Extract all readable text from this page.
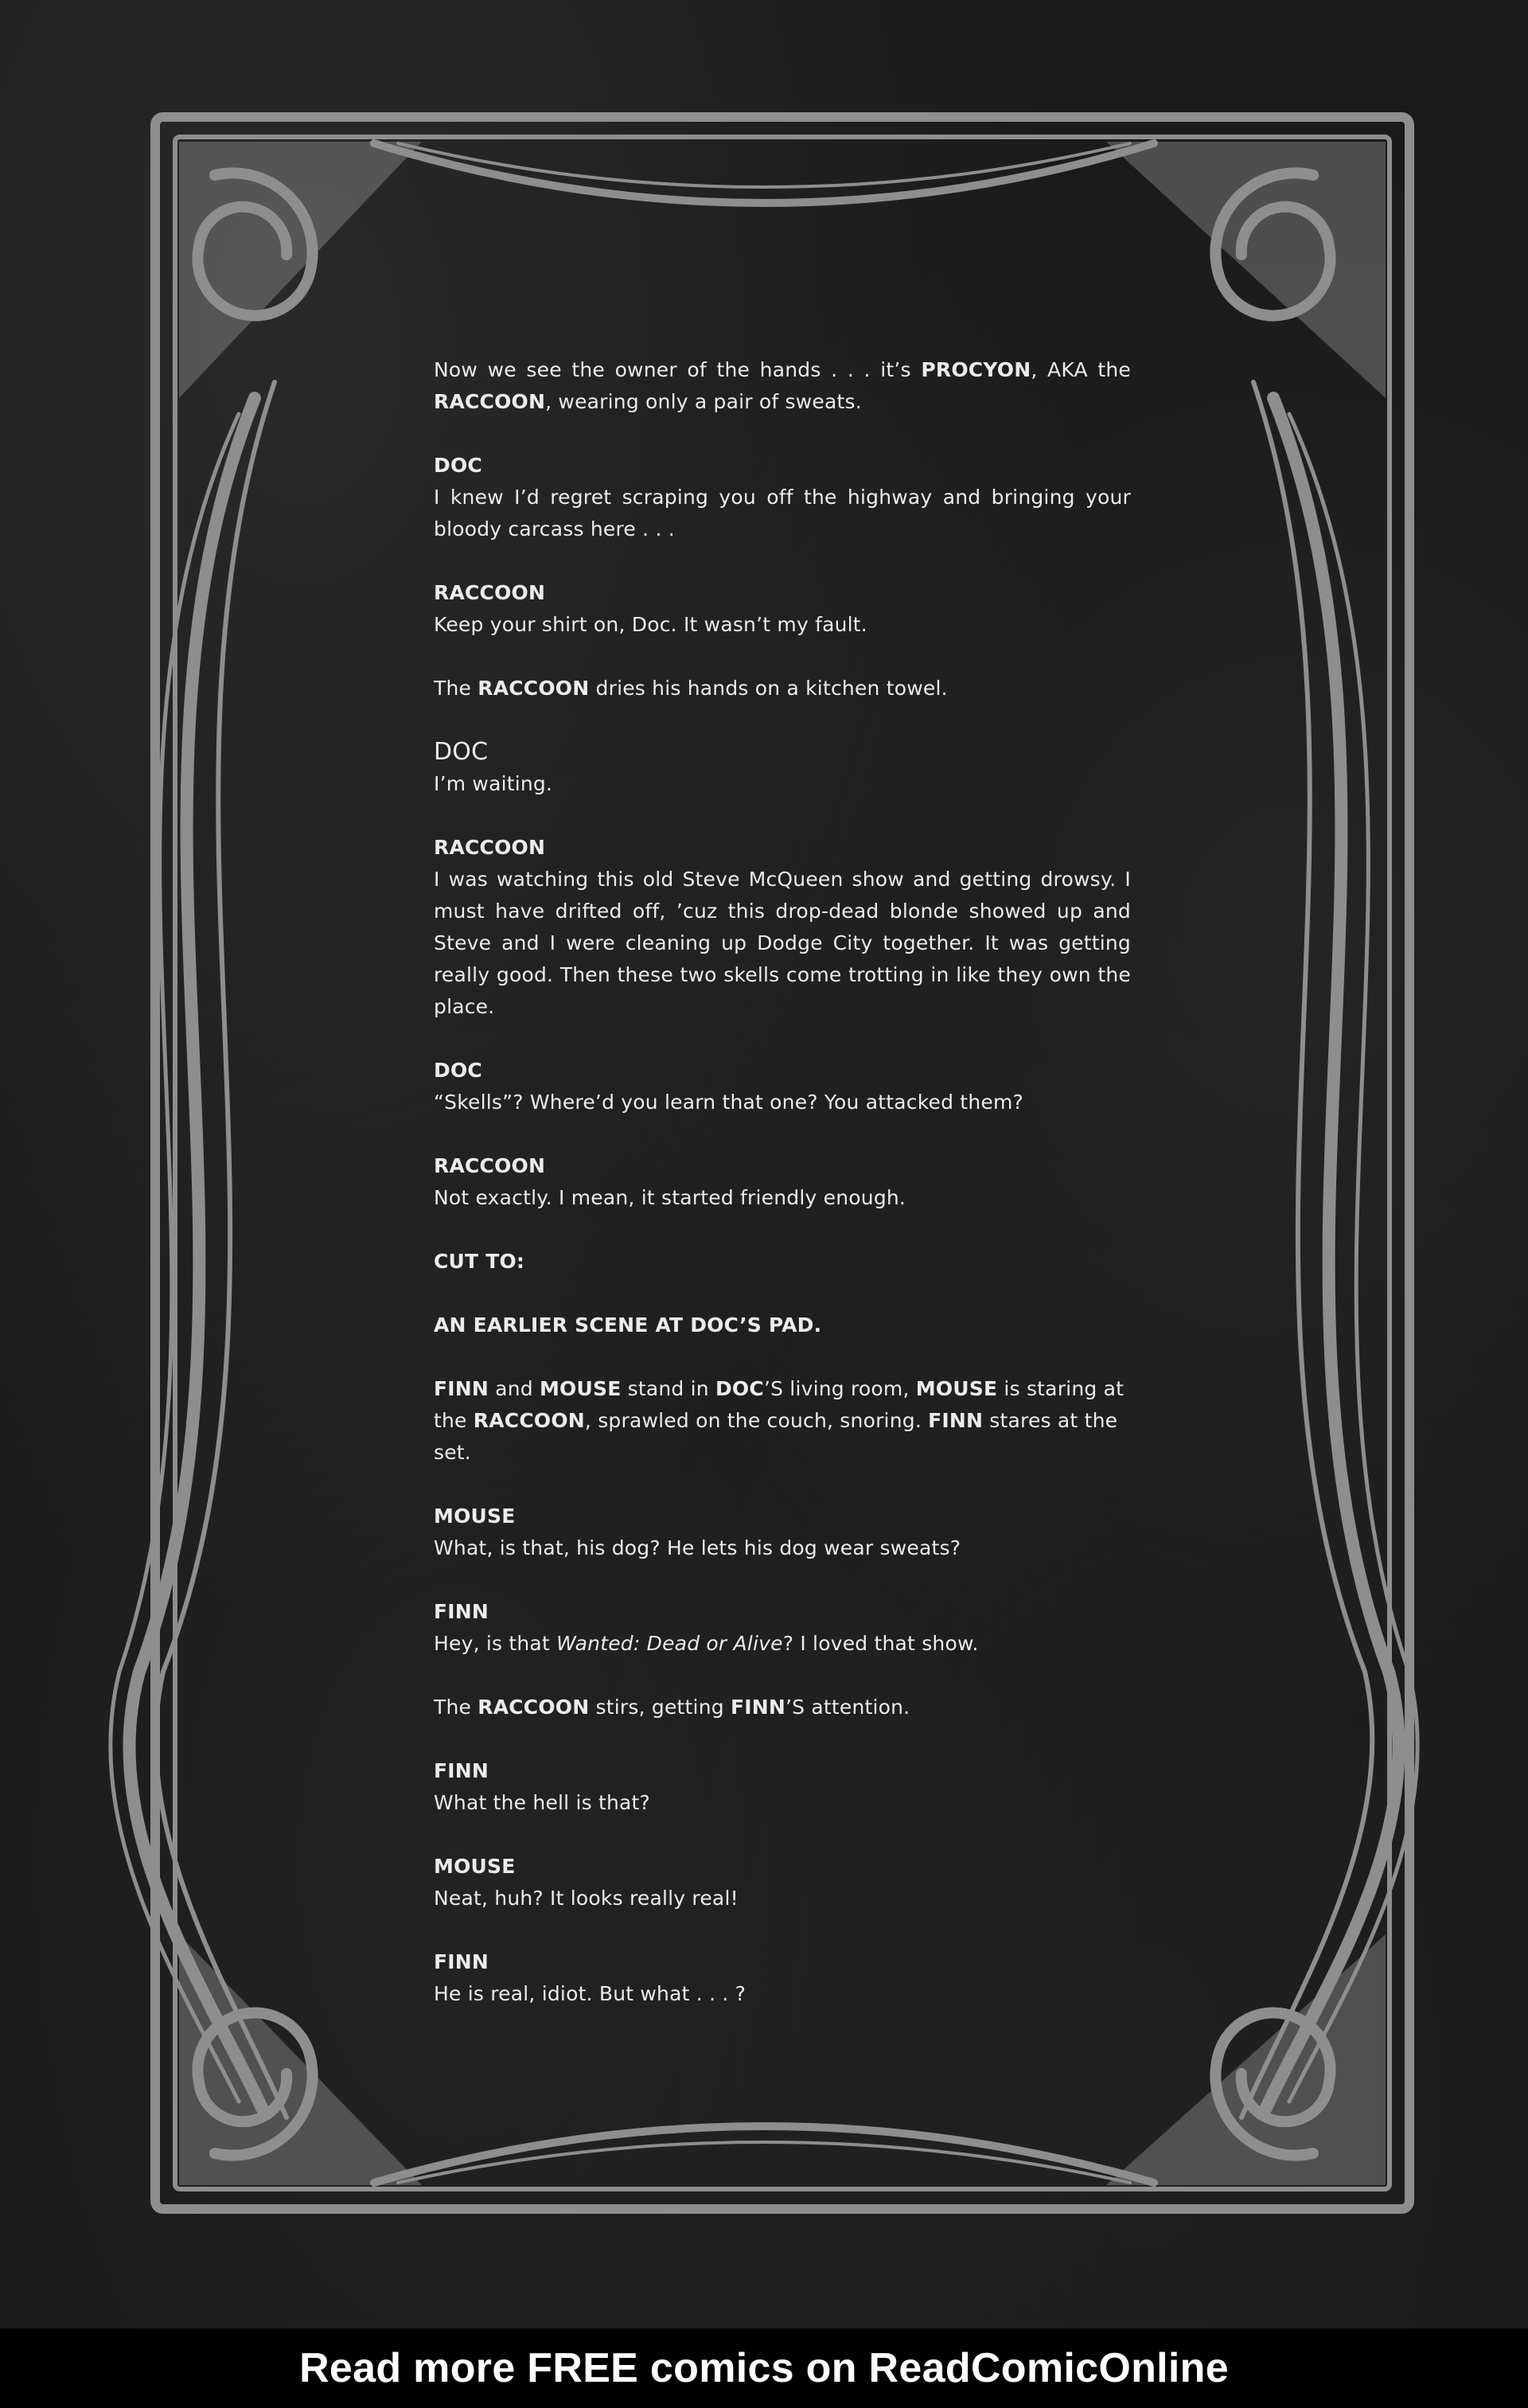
Now we see the owner of the hands . . . it’s PROCYON, AKA the RACCOON, wearing only a pair of sweats.
DOC
I knew I’d regret scraping you off the highway and bringing your bloody carcass here . . .
RACCOON
Keep your shirt on, Doc. It wasn’t my fault.
The RACCOON dries his hands on a kitchen towel.
DOC
I’m waiting.
RACCOON
I was watching this old Steve McQueen show and getting drowsy. I must have drifted off, ’cuz this drop-dead blonde showed up and Steve and I were cleaning up Dodge City together. It was getting really good. Then these two skells come trotting in like they own the place.
DOC
“Skells”? Where’d you learn that one? You attacked them?
RACCOON
Not exactly. I mean, it started friendly enough.
CUT TO:
AN EARLIER SCENE AT DOC’S PAD.
FINN and MOUSE stand in DOC’S living room, MOUSE is staring at the RACCOON, sprawled on the couch, snoring. FINN stares at the set.
MOUSE
What, is that, his dog? He lets his dog wear sweats?
FINN
Hey, is that Wanted: Dead or Alive? I loved that show.
The RACCOON stirs, getting FINN’S attention.
FINN
What the hell is that?
MOUSE
Neat, huh? It looks really real!
FINN
He is real, idiot. But what . . . ?
Read more FREE comics on ReadComicOnline
